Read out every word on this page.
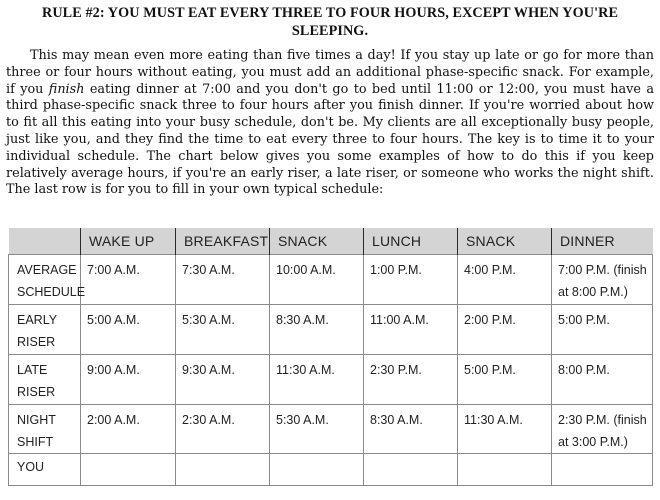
RULE #2: YOU MUST EAT EVERY THREE TO FOUR HOURS, EXCEPT WHEN YOU'RE SLEEPING.

This may mean even more eating than five times a day! If you stay up late or go for more than three or four hours without eating, you must add an additional phase-specific snack. For example, if you finish eating dinner at 7:00 and you don't go to bed until 11:00 or 12:00, you must have a third phase-specific snack three to four hours after you finish dinner. If you're worried about how to fit all this eating into your busy schedule, don't be. My clients are all exceptionally busy people, just like you, and they find the time to eat every three to four hours. The key is to time it to your individual schedule. The chart below gives you some examples of how to do this if you keep relatively average hours, if you're an early riser, a late riser, or someone who works the night shift. The last row is for you to fill in your own typical schedule:

	WAKE UP	BREAKFAST	SNACK	LUNCH	SNACK	DINNER
AVERAGE SCHEDULE	7:00 A.M.	7:30 A.M.	10:00 A.M.	1:00 P.M.	4:00 P.M.	7:00 P.M. (finish at 8:00 P.M.)
EARLY RISER	5:00 A.M.	5:30 A.M.	8:30 A.M.	11:00 A.M.	2:00 P.M.	5:00 P.M.
LATE RISER	9:00 A.M.	9:30 A.M.	11:30 A.M.	2:30 P.M.	5:00 P.M.	8:00 P.M.
NIGHT SHIFT	2:00 A.M.	2:30 A.M.	5:30 A.M.	8:30 A.M.	11:30 A.M.	2:30 P.M. (finish at 3:00 P.M.)
YOU						
